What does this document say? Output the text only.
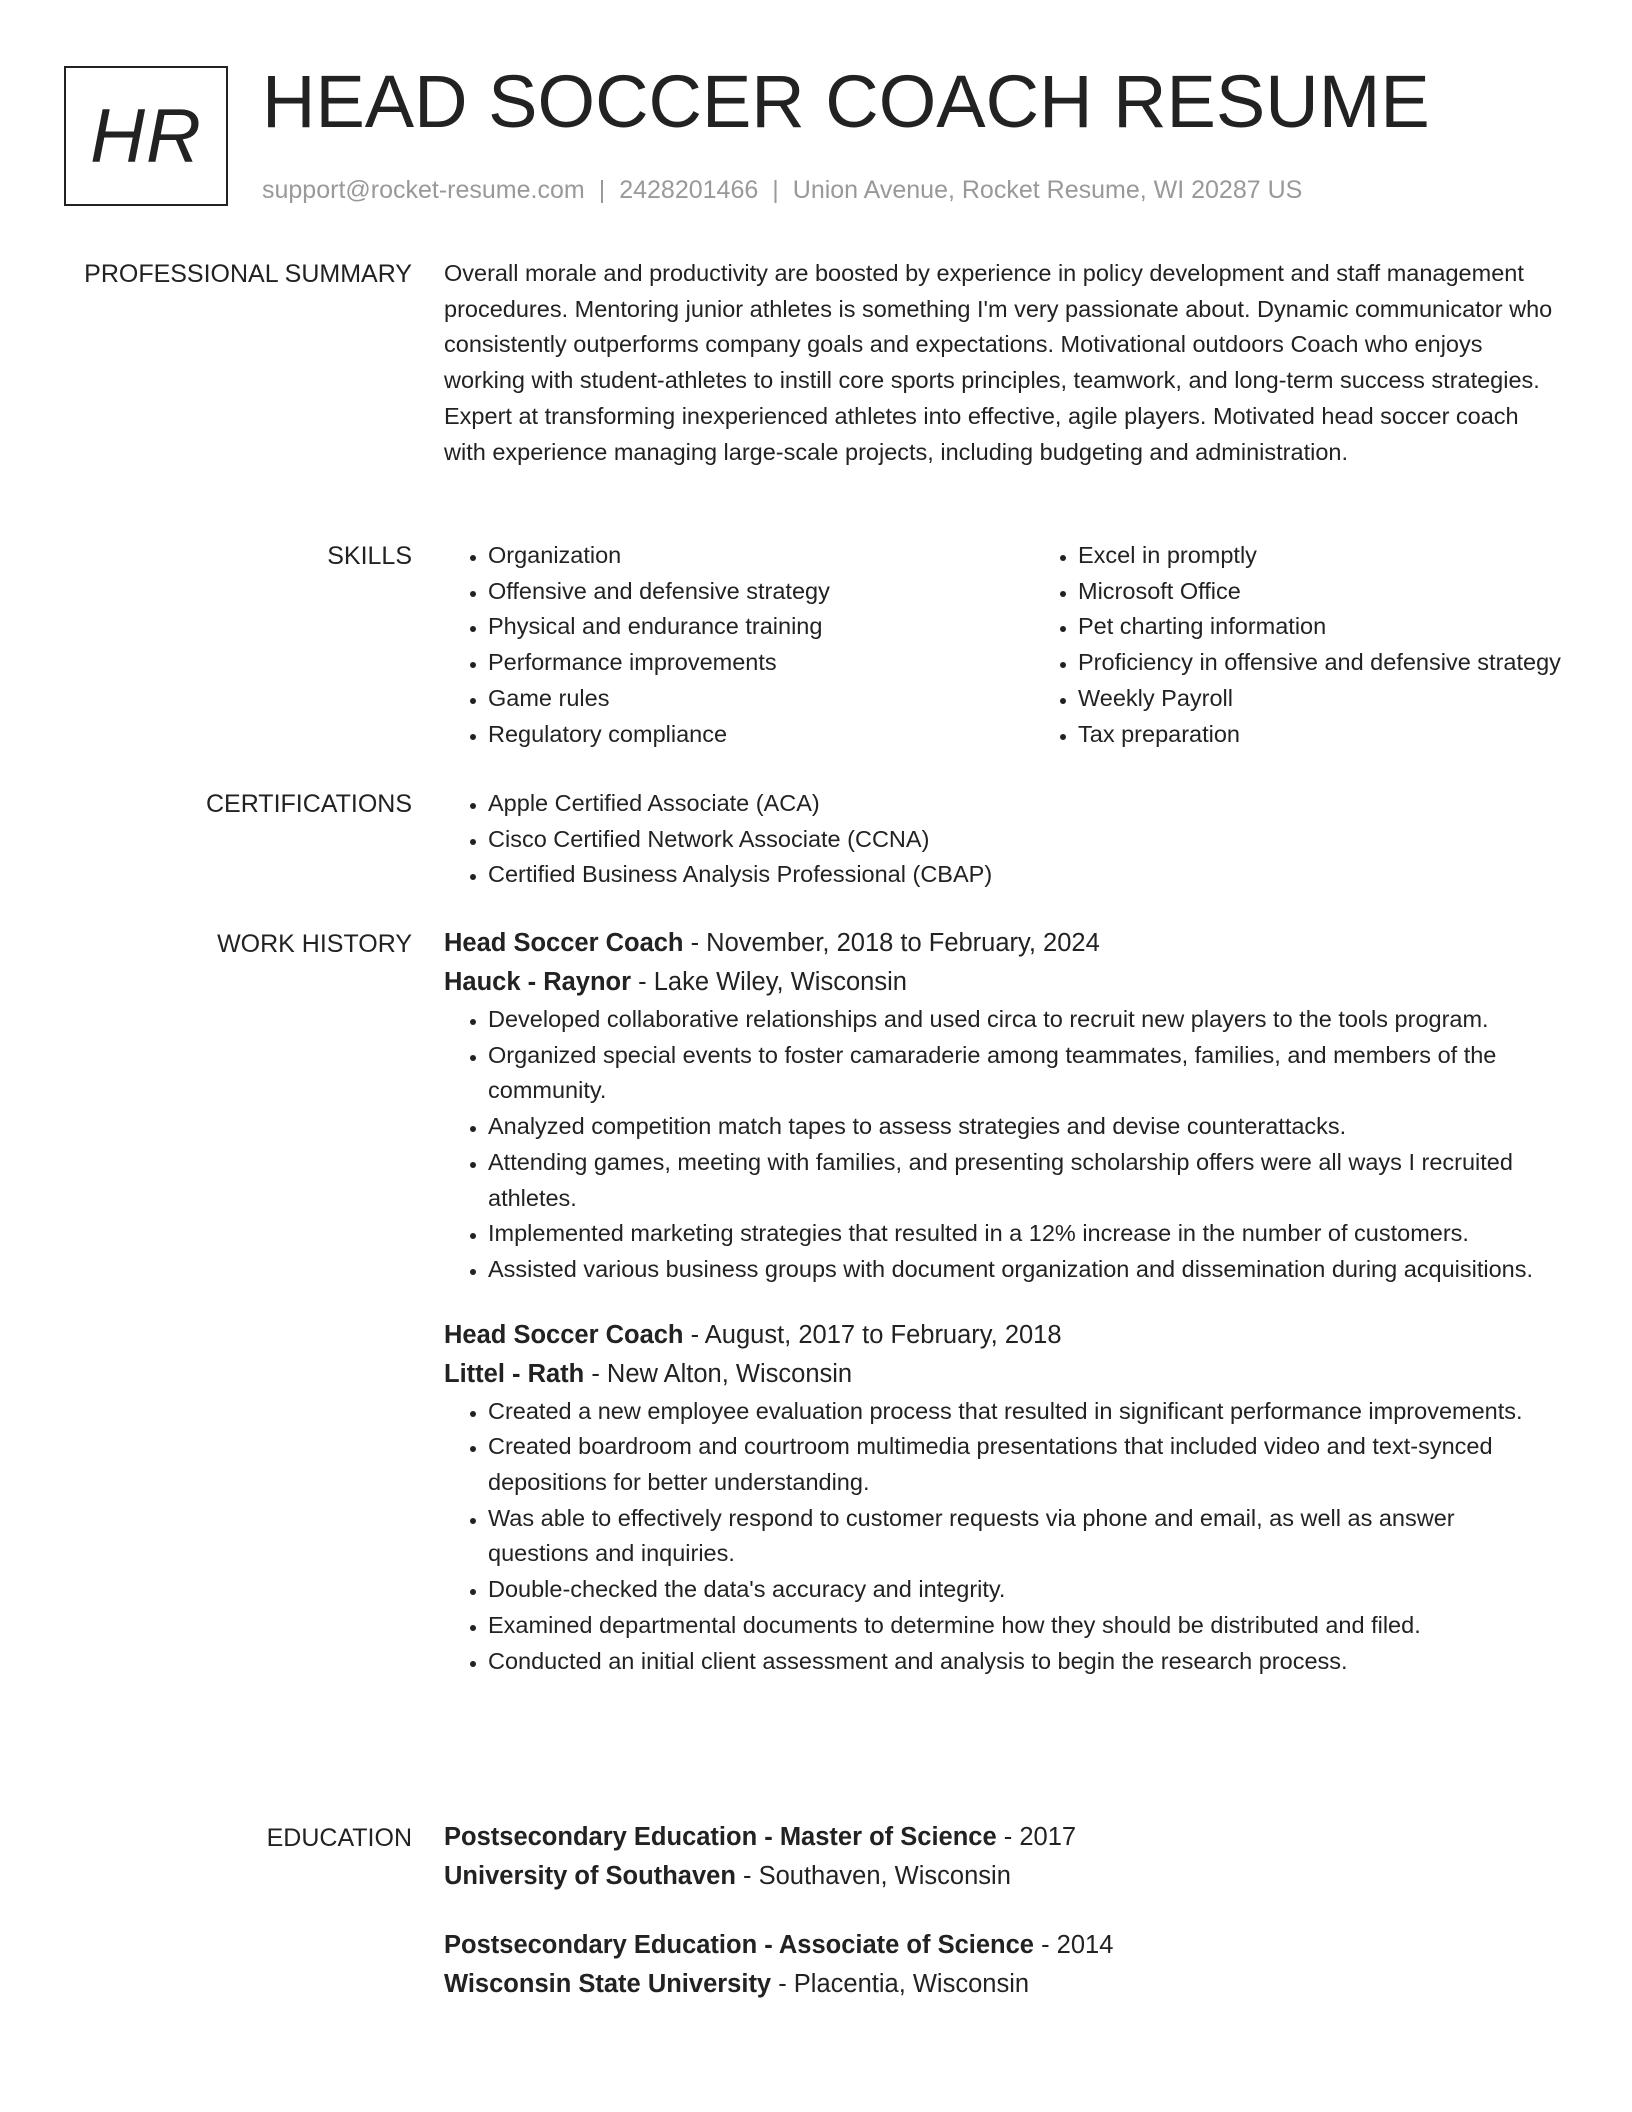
HR HEAD SOCCER COACH RESUME
support@rocket-resume.com | 2428201466 | Union Avenue, Rocket Resume, WI 20287 US
PROFESSIONAL SUMMARY Overall morale and productivity are boosted by experience in policy development and staff management procedures. Mentoring junior athletes is something I'm very passionate about. Dynamic communicator who consistently outperforms company goals and expectations. Motivational outdoors Coach who enjoys working with student-athletes to instill core sports principles, teamwork, and long-term success strategies. Expert at transforming inexperienced athletes into effective, agile players. Motivated head soccer coach with experience managing large-scale projects, including budgeting and administration.
SKILLS	• Organization
• Offensive and defensive strategy
• Physical and endurance training
• Performance improvements
• Game rules
• Regulatory compliance
• Excel in promptly
• Microsoft Office
• Pet charting information
• Proficiency in offensive and defensive strategy
• Weekly Payroll
• Tax preparation
CERTIFICATIONS	• Apple Certified Associate (ACA)
• Cisco Certified Network Associate (CCNA)
• Certified Business Analysis Professional (CBAP)
WORK HISTORY Head Soccer Coach - November, 2018 to February, 2024
Hauck - Raynor - Lake Wiley, Wisconsin
• Developed collaborative relationships and used circa to recruit new players to the tools program.
• Organized special events to foster camaraderie among teammates, families, and members of the community.
• Analyzed competition match tapes to assess strategies and devise counterattacks.
• Attending games, meeting with families, and presenting scholarship offers were all ways I recruited athletes.
• Implemented marketing strategies that resulted in a 12% increase in the number of customers.
• Assisted various business groups with document organization and dissemination during acquisitions.
Head Soccer Coach - August, 2017 to February, 2018
Littel - Rath - New Alton, Wisconsin
• Created a new employee evaluation process that resulted in significant performance improvements.
• Created boardroom and courtroom multimedia presentations that included video and text-synced depositions for better understanding.
• Was able to effectively respond to customer requests via phone and email, as well as answer questions and inquiries.
• Double-checked the data's accuracy and integrity.
• Examined departmental documents to determine how they should be distributed and filed.
• Conducted an initial client assessment and analysis to begin the research process.
EDUCATION Postsecondary Education - Master of Science - 2017
University of Southaven - Southaven, Wisconsin
Postsecondary Education - Associate of Science - 2014
Wisconsin State University - Placentia, Wisconsin
